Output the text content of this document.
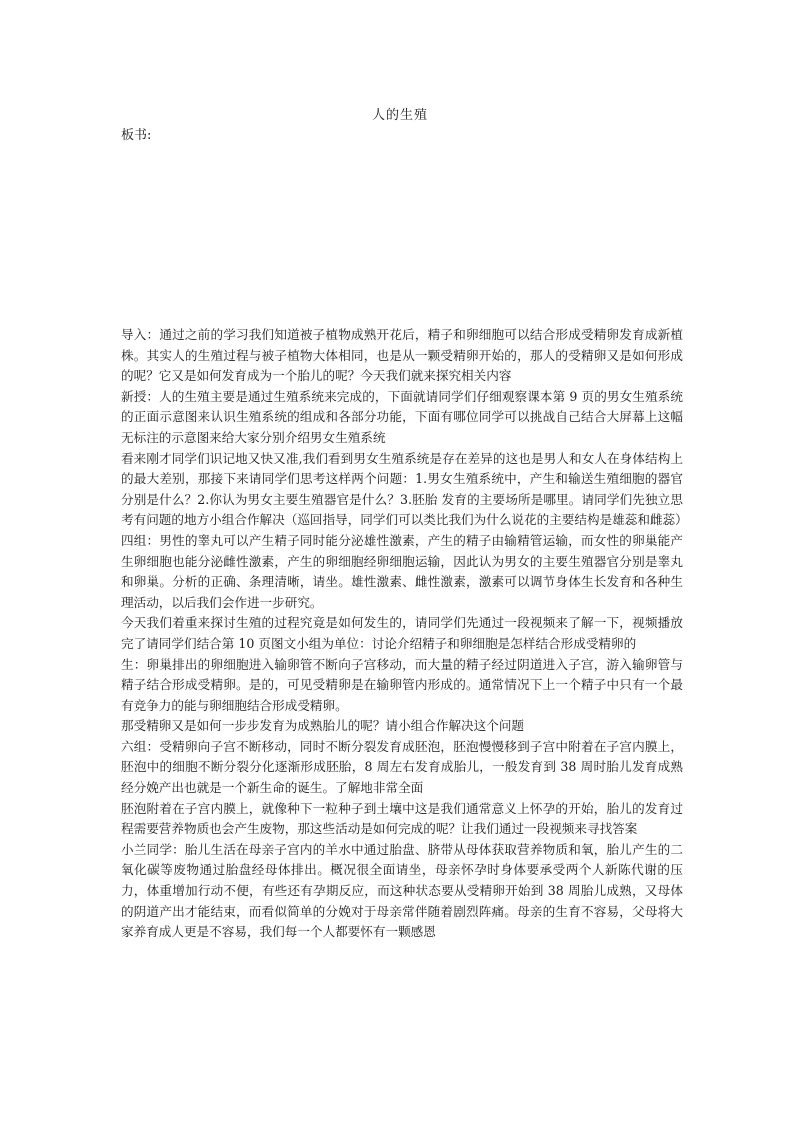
人的生殖
板书:

导入：通过之前的学习我们知道被子植物成熟开花后，精子和卵细胞可以结合形成受精卵发育成新植株。其实人的生殖过程与被子植物大体相同，也是从一颗受精卵开始的，那人的受精卵又是如何形成的呢？它又是如何发育成为一个胎儿的呢？今天我们就来探究相关内容

新授：人的生殖主要是通过生殖系统来完成的，下面就请同学们仔细观察课本第 9 页的男女生殖系统的正面示意图来认识生殖系统的组成和各部分功能，下面有哪位同学可以挑战自己结合大屏幕上这幅无标注的示意图来给大家分别介绍男女生殖系统

看来刚才同学们识记地又快又准,我们看到男女生殖系统是存在差异的这也是男人和女人在身体结构上的最大差别，那接下来请同学们思考这样两个问题：1.男女生殖系统中，产生和输送生殖细胞的器官分别是什么？2.你认为男女主要生殖器官是什么？3.胚胎 发育的主要场所是哪里。请同学们先独立思考有问题的地方小组合作解决（巡回指导，同学们可以类比我们为什么说花的主要结构是雄蕊和雌蕊）

四组：男性的睾丸可以产生精子同时能分泌雄性激素，产生的精子由输精管运输，而女性的卵巢能产生卵细胞也能分泌雌性激素，产生的卵细胞经卵细胞运输，因此认为男女的主要生殖器官分别是睾丸和卵巢。分析的正确、条理清晰，请坐。雄性激素、雌性激素，激素可以调节身体生长发育和各种生理活动，以后我们会作进一步研究。

今天我们着重来探讨生殖的过程究竟是如何发生的，请同学们先通过一段视频来了解一下，视频播放完了请同学们结合第 10 页图文小组为单位：讨论介绍精子和卵细胞是怎样结合形成受精卵的

生：卵巢排出的卵细胞进入输卵管不断向子宫移动，而大量的精子经过阴道进入子宫，游入输卵管与精子结合形成受精卵。是的，可见受精卵是在输卵管内形成的。通常情况下上一个精子中只有一个最有竞争力的能与卵细胞结合形成受精卵。

那受精卵又是如何一步步发育为成熟胎儿的呢？请小组合作解决这个问题

六组：受精卵向子宫不断移动，同时不断分裂发育成胚泡，胚泡慢慢移到子宫中附着在子宫内膜上，胚泡中的细胞不断分裂分化逐渐形成胚胎，8 周左右发育成胎儿，一般发育到 38 周时胎儿发育成熟经分娩产出也就是一个新生命的诞生。了解地非常全面

胚泡附着在子宫内膜上，就像种下一粒种子到土壤中这是我们通常意义上怀孕的开始，胎儿的发育过程需要营养物质也会产生废物，那这些活动是如何完成的呢？让我们通过一段视频来寻找答案

小兰同学：胎儿生活在母亲子宫内的羊水中通过胎盘、脐带从母体获取营养物质和氧，胎儿产生的二氧化碳等废物通过胎盘经母体排出。概况很全面请坐，母亲怀孕时身体要承受两个人新陈代谢的压力，体重增加行动不便，有些还有孕期反应，而这种状态要从受精卵开始到 38 周胎儿成熟，又母体的阴道产出才能结束，而看似简单的分娩对于母亲常伴随着剧烈阵痛。母亲的生育不容易，父母将大家养育成人更是不容易，我们每一个人都要怀有一颗感恩
